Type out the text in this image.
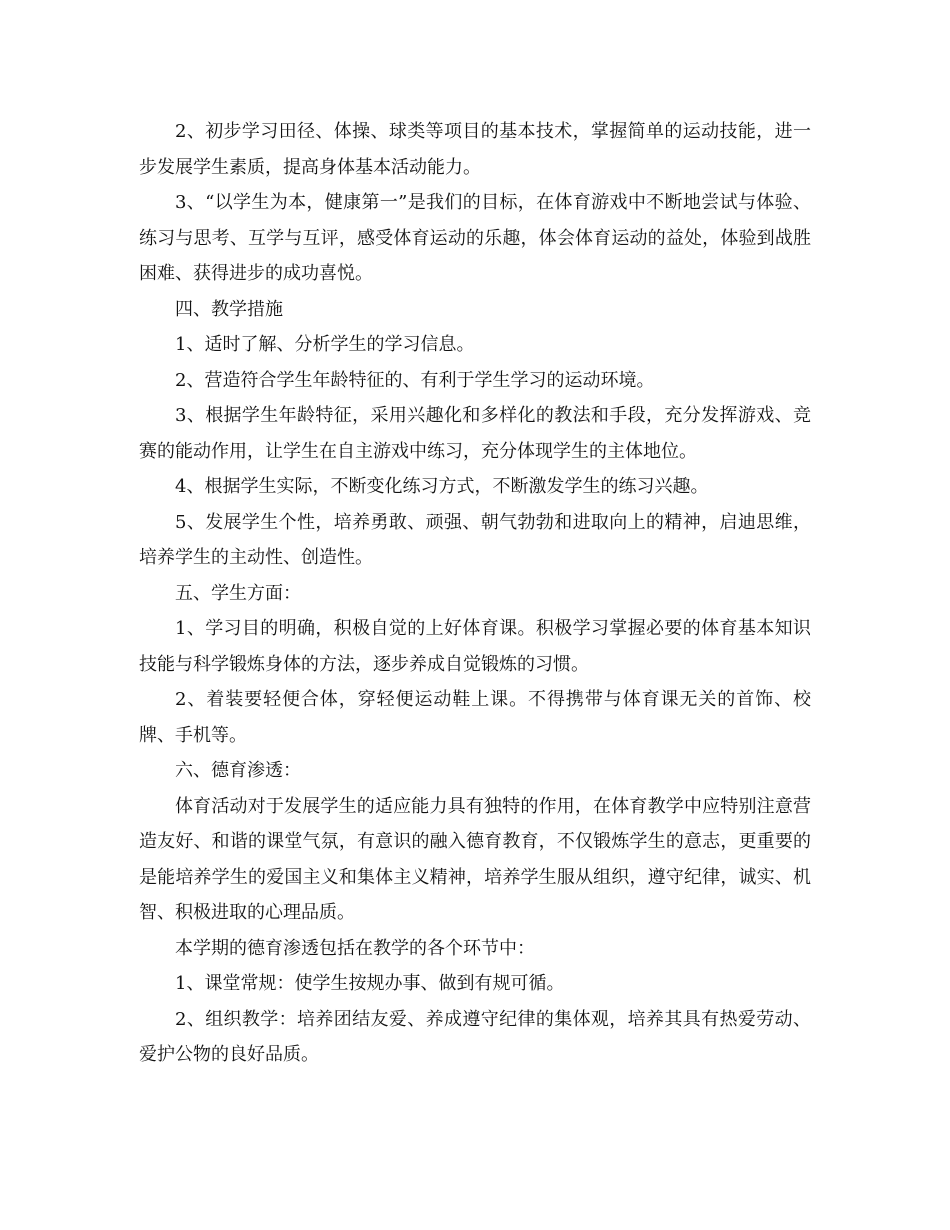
2、初步学习田径、体操、球类等项目的基本技术，掌握简单的运动技能，进一步发展学生素质，提高身体基本活动能力。

3、“以学生为本，健康第一”是我们的目标，在体育游戏中不断地尝试与体验、练习与思考、互学与互评，感受体育运动的乐趣，体会体育运动的益处，体验到战胜困难、获得进步的成功喜悦。

四、教学措施

1、适时了解、分析学生的学习信息。

2、营造符合学生年龄特征的、有利于学生学习的运动环境。

3、根据学生年龄特征，采用兴趣化和多样化的教法和手段，充分发挥游戏、竞赛的能动作用，让学生在自主游戏中练习，充分体现学生的主体地位。

4、根据学生实际，不断变化练习方式，不断激发学生的练习兴趣。

5、发展学生个性，培养勇敢、顽强、朝气勃勃和进取向上的精神，启迪思维，培养学生的主动性、创造性。

五、学生方面：

1、学习目的明确，积极自觉的上好体育课。积极学习掌握必要的体育基本知识技能与科学锻炼身体的方法，逐步养成自觉锻炼的习惯。

2、着装要轻便合体，穿轻便运动鞋上课。不得携带与体育课无关的首饰、校牌、手机等。

六、德育渗透：

体育活动对于发展学生的适应能力具有独特的作用，在体育教学中应特别注意营造友好、和谐的课堂气氛，有意识的融入德育教育，不仅锻炼学生的意志，更重要的是能培养学生的爱国主义和集体主义精神，培养学生服从组织，遵守纪律，诚实、机智、积极进取的心理品质。

本学期的德育渗透包括在教学的各个环节中：

1、课堂常规：使学生按规办事、做到有规可循。

2、组织教学：培养团结友爱、养成遵守纪律的集体观，培养其具有热爱劳动、爱护公物的良好品质。
